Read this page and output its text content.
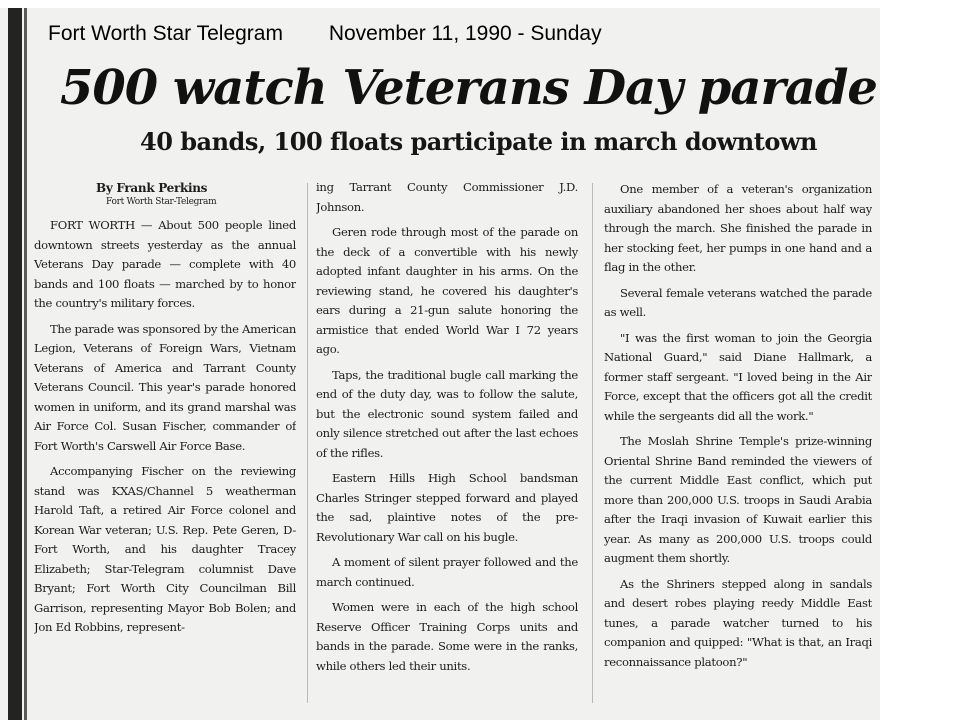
500 watch Veterans Day parade
40 bands, 100 floats participate in march downtown
By Frank Perkins
Fort Worth Star-Telegram

FORT WORTH — About 500 people lined downtown streets yesterday as the annual Veterans Day parade — complete with 40 bands and 100 floats — marched by to honor the country's military forces.

The parade was sponsored by the American Legion, Veterans of Foreign Wars, Vietnam Veterans of America and Tarrant County Veterans Council. This year's parade honored women in uniform, and its grand marshal was Air Force Col. Susan Fischer, commander of Fort Worth's Carswell Air Force Base.

Accompanying Fischer on the reviewing stand was KXAS/Channel 5 weatherman Harold Taft, a retired Air Force colonel and Korean War veteran; U.S. Rep. Pete Geren, D-Fort Worth, and his daughter Tracey Elizabeth; Star-Telegram columnist Dave Bryant; Fort Worth City Councilman Bill Garrison, representing Mayor Bob Bolen; and Jon Ed Robbins, represent-

ing Tarrant County Commissioner J.D. Johnson.

Geren rode through most of the parade on the deck of a convertible with his newly adopted infant daughter in his arms. On the reviewing stand, he covered his daughter's ears during a 21-gun salute honoring the armistice that ended World War I 72 years ago.

Taps, the traditional bugle call marking the end of the duty day, was to follow the salute, but the electronic sound system failed and only silence stretched out after the last echoes of the rifles.

Eastern Hills High School bandsman Charles Stringer stepped forward and played the sad, plaintive notes of the pre-Revolutionary War call on his bugle.

A moment of silent prayer followed and the march continued.

Women were in each of the high school Reserve Officer Training Corps units and bands in the parade. Some were in the ranks, while others led their units.

One member of a veteran's organization auxiliary abandoned her shoes about half way through the march. She finished the parade in her stocking feet, her pumps in one hand and a flag in the other.

Several female veterans watched the parade as well.

"I was the first woman to join the Georgia National Guard," said Diane Hallmark, a former staff sergeant. "I loved being in the Air Force, except that the officers got all the credit while the sergeants did all the work."

The Moslah Shrine Temple's prize-winning Oriental Shrine Band reminded the viewers of the current Middle East conflict, which put more than 200,000 U.S. troops in Saudi Arabia after the Iraqi invasion of Kuwait earlier this year. As many as 200,000 U.S. troops could augment them shortly.

As the Shriners stepped along in sandals and desert robes playing reedy Middle East tunes, a parade watcher turned to his companion and quipped: "What is that, an Iraqi reconnaissance platoon?"

Fort Worth Star Telegram November 11, 1990 - Sunday
